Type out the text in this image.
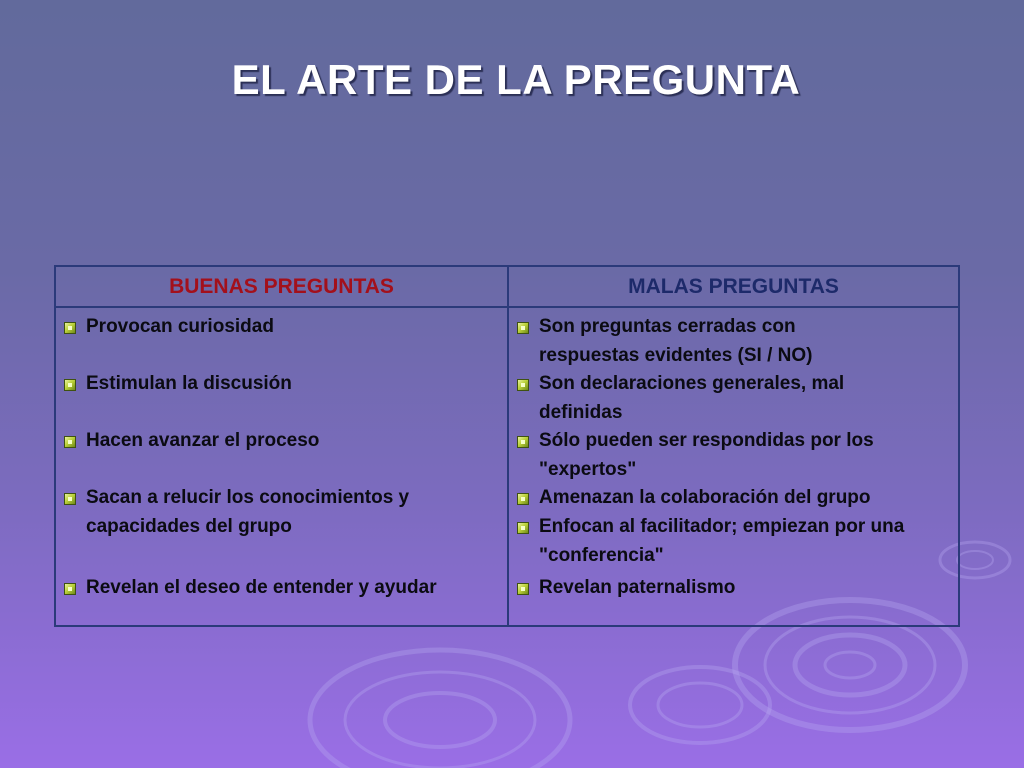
EL ARTE DE LA PREGUNTA
BUENAS PREGUNTAS	MALAS PREGUNTAS
Provocan curiosidad
Estimulan la discusión
Hacen avanzar el proceso
Sacan a relucir los conocimientos y capacidades del grupo
Revelan el deseo de entender y ayudar
Son preguntas cerradas con respuestas evidentes (SI / NO)
Son declaraciones generales, mal definidas
Sólo pueden ser respondidas por los "expertos"
Amenazan la colaboración del grupo
Enfocan al facilitador; empiezan por una "conferencia"
Revelan paternalismo
